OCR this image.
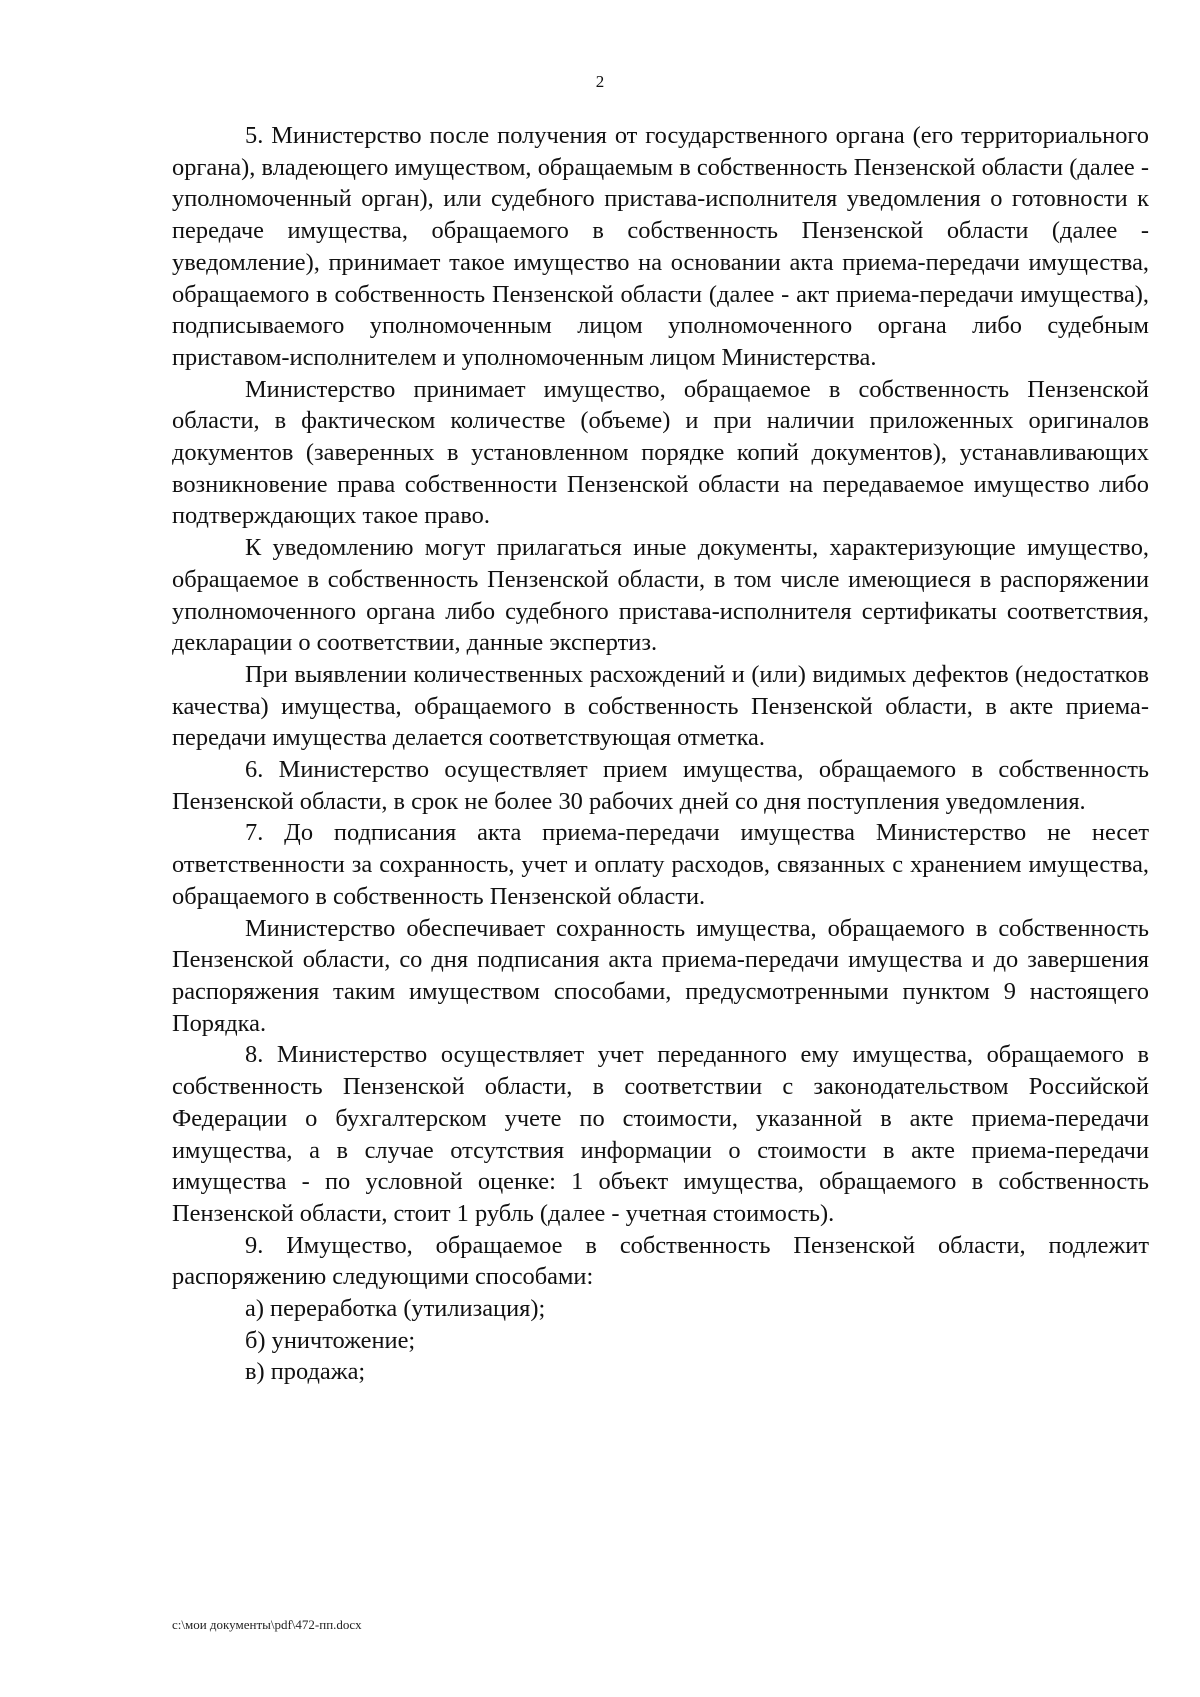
2

5. Министерство после получения от государственного органа (его территориального органа), владеющего имуществом, обращаемым в собственность Пензенской области (далее - уполномоченный орган), или судебного пристава-исполнителя уведомления о готовности к передаче имущества, обращаемого в собственность Пензенской области (далее - уведомление), принимает такое имущество на основании акта приема-передачи имущества, обращаемого в собственность Пензенской области (далее - акт приема-передачи имущества), подписываемого уполномоченным лицом уполномоченного органа либо судебным приставом-исполнителем и уполномоченным лицом Министерства.

Министерство принимает имущество, обращаемое в собственность Пензенской области, в фактическом количестве (объеме) и при наличии приложенных оригиналов документов (заверенных в установленном порядке копий документов), устанавливающих возникновение права собственности Пензенской области на передаваемое имущество либо подтверждающих такое право.

К уведомлению могут прилагаться иные документы, характеризующие имущество, обращаемое в собственность Пензенской области, в том числе имеющиеся в распоряжении уполномоченного органа либо судебного пристава-исполнителя сертификаты соответствия, декларации о соответствии, данные экспертиз.

При выявлении количественных расхождений и (или) видимых дефектов (недостатков качества) имущества, обращаемого в собственность Пензенской области, в акте приема-передачи имущества делается соответствующая отметка.

6. Министерство осуществляет прием имущества, обращаемого в собственность Пензенской области, в срок не более 30 рабочих дней со дня поступления уведомления.

7. До подписания акта приема-передачи имущества Министерство не несет ответственности за сохранность, учет и оплату расходов, связанных с хранением имущества, обращаемого в собственность Пензенской области.

Министерство обеспечивает сохранность имущества, обращаемого в собственность Пензенской области, со дня подписания акта приема-передачи имущества и до завершения распоряжения таким имуществом способами, предусмотренными пунктом 9 настоящего Порядка.

8. Министерство осуществляет учет переданного ему имущества, обращаемого в собственность Пензенской области, в соответствии с законодательством Российской Федерации о бухгалтерском учете по стоимости, указанной в акте приема-передачи имущества, а в случае отсутствия информации о стоимости в акте приема-передачи имущества - по условной оценке: 1 объект имущества, обращаемого в собственность Пензенской области, стоит 1 рубль (далее - учетная стоимость).

9. Имущество, обращаемое в собственность Пензенской области, подлежит распоряжению следующими способами:

а) переработка (утилизация);

б) уничтожение;

в) продажа;

c:\мои документы\pdf\472-пп.docx
